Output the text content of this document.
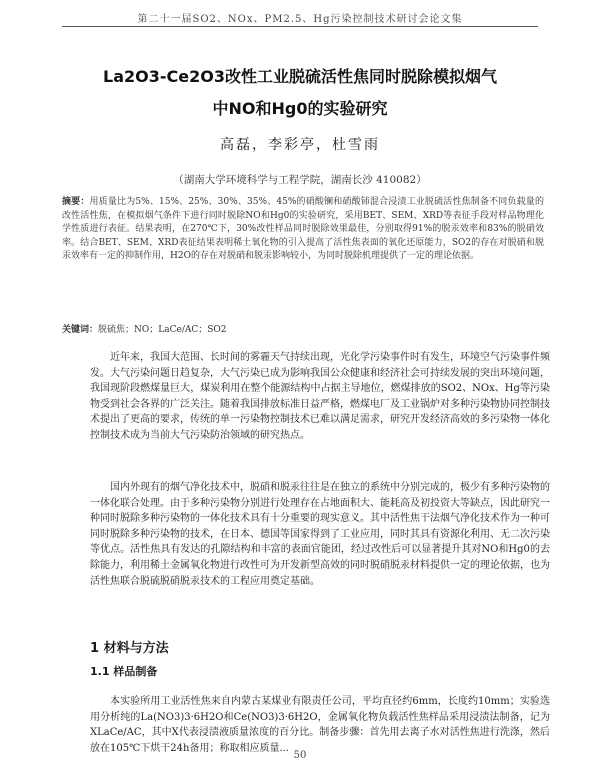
第二十一届SO2、NOx、PM2.5、Hg污染控制技术研讨会论文集
La2O3-Ce2O3改性工业脱硫活性焦同时脱除模拟烟气
中NO和Hg0的实验研究
高磊，李彩亭，杜雪雨
（湖南大学环境科学与工程学院，湖南长沙 410082）
摘要：用质量比为5%、15%、25%、30%、35%、45%的硝酸镧和硝酸铈混合浸渍工业脱硫活性焦制备不同负载量的改性活性焦，在模拟烟气条件下进行同时脱除NO和Hg0的实验研究，采用BET、SEM、XRD等表征手段对样品物理化学性质进行表征。结果表明，在270℃下，30%改性样品同时脱除效果最佳，分别取得91%的脱汞效率和83%的脱硝效率。结合BET、SEM、XRD表征结果表明稀土氧化物的引入提高了活性焦表面的氧化还原能力，SO2的存在对脱硝和脱汞效率有一定的抑制作用，H2O的存在对脱硝和脱汞影响较小，为同时脱除机理提供了一定的理论依据。
关键词：脱硫焦；NO；LaCe/AC；SO2

近年来，我国大范围、长时间的雾霾天气持续出现，光化学污染事件时有发生，环境空气污染事件频发。大气污染问题日趋复杂，大气污染已成为影响我国公众健康和经济社会可持续发展的突出环境问题，我国现阶段燃煤量巨大，煤炭利用在整个能源结构中占据主导地位，燃煤排放的SO2、NOx、Hg等污染物受到社会各界的广泛关注。随着我国排放标准日益严格，燃煤电厂及工业锅炉对多种污染物协同控制技术提出了更高的要求，传统的单一污染物控制技术已难以满足需求，研究开发经济高效的多污染物一体化控制技术成为当前大气污染防治领域的研究热点。

国内外现有的烟气净化技术中，脱硝和脱汞往往是在独立的系统中分别完成的，极少有多种污染物的一体化联合处理。由于多种污染物分别进行处理存在占地面积大、能耗高及初投资大等缺点，因此研究一种同时脱除多种污染物的一体化技术具有十分重要的现实意义。其中活性焦干法烟气净化技术作为一种可同时脱除多种污染物的技术，在日本、德国等国家得到了工业应用，同时其具有资源化利用、无二次污染等优点。活性焦具有发达的孔隙结构和丰富的表面官能团，经过改性后可以显著提升其对NO和Hg0的去除能力，利用稀土金属氧化物进行改性可为开发新型高效的同时脱硝脱汞材料提供一定的理论依据，也为活性焦联合脱硫脱硝脱汞技术的工程应用奠定基础。

1 材料与方法
1.1 样品制备

本实验所用工业活性焦来自内蒙古某煤业有限责任公司，平均直径约6mm，长度约10mm；实验选用分析纯的La(NO3)3·6H2O和Ce(NO3)3·6H2O，金属氧化物负载活性焦样品采用浸渍法制备，记为XLaCe/AC，其中X代表浸渍液质量浓度的百分比。制备步骤：首先用去离子水对活性焦进行洗涤，然后放在105℃下烘干24h备用；称取相应质量...

50
